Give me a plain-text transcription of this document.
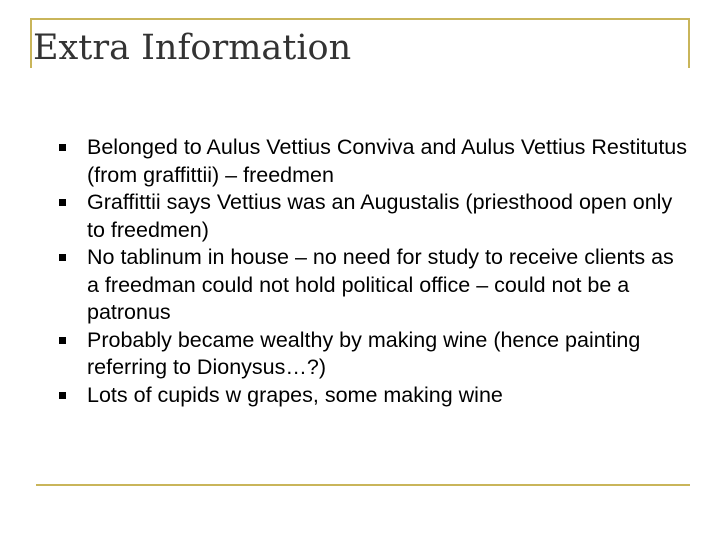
Extra Information
Belonged to Aulus Vettius Conviva and Aulus Vettius Restitutus (from graffittii) – freedmen
Graffittii says Vettius was an Augustalis (priesthood open only to freedmen)
No tablinum in house – no need for study to receive clients as a freedman could not hold political office – could not be a patronus
Probably became wealthy by making wine (hence painting referring to Dionysus…?)
Lots of cupids w grapes, some making wine
